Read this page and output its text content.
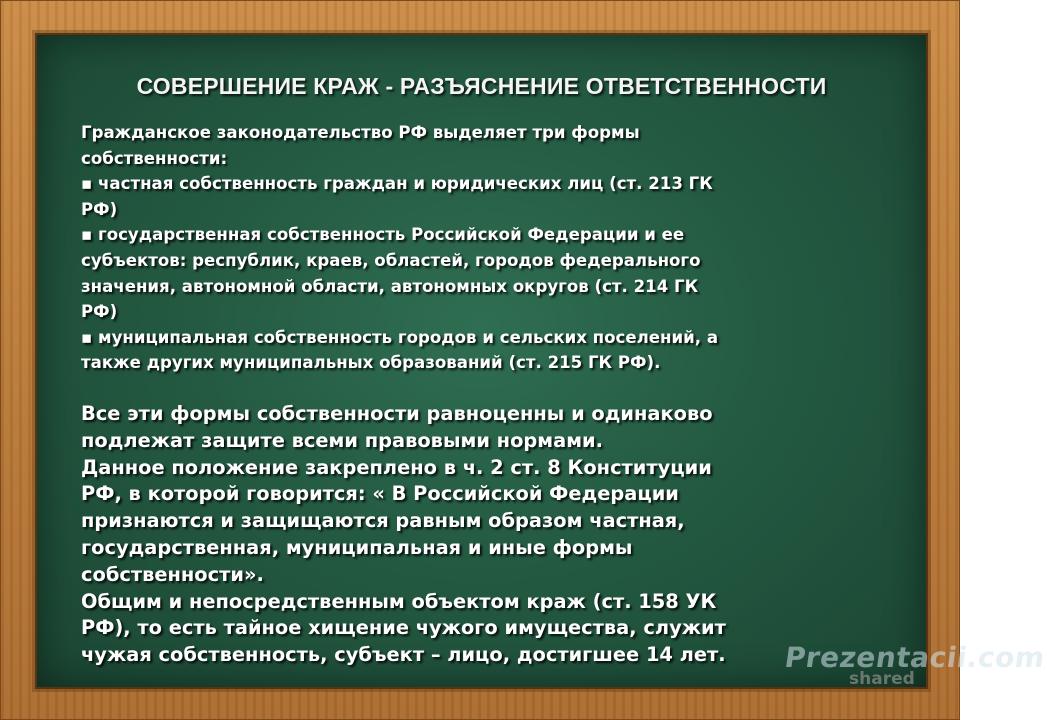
СОВЕРШЕНИЕ КРАЖ - РАЗЪЯСНЕНИЕ ОТВЕТСТВЕННОСТИ
Гражданское законодательство РФ выделяет три формы
собственности:
▪ частная собственность граждан и юридических лиц (ст. 213 ГК
РФ)
▪ государственная собственность Российской Федерации и ее
субъектов: республик, краев, областей, городов федерального
значения, автономной области, автономных округов (ст. 214 ГК
РФ)
▪ муниципальная собственность городов и сельских поселений, а
также других муниципальных образований (ст. 215 ГК РФ).
Все эти формы собственности равноценны и одинаково
подлежат защите всеми правовыми нормами.
Данное положение закреплено в ч. 2 ст. 8 Конституции
РФ, в которой говорится: « В Российской Федерации
признаются и защищаются равным образом частная,
государственная, муниципальная и иные формы
собственности».
Общим и непосредственным объектом краж (ст. 158 УК
РФ), то есть тайное хищение чужого имущества, служит
чужая собственность, субъект – лицо, достигшее 14 лет.	Prezentacii.com
shared
